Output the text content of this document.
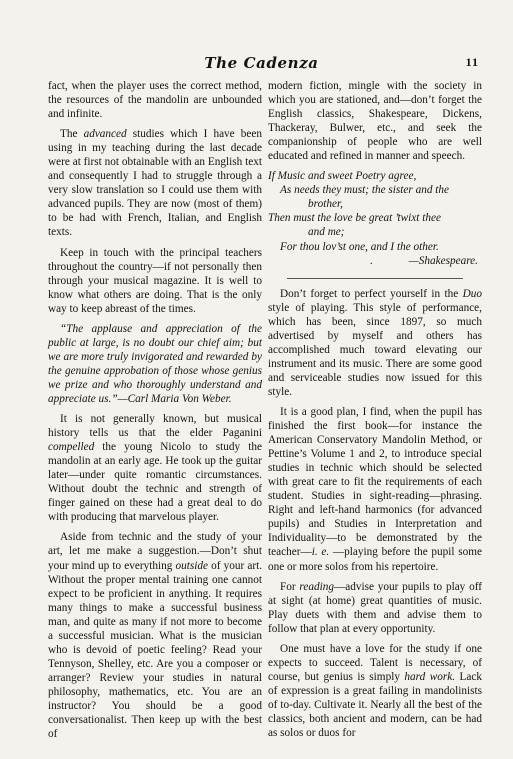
The Cadenza	11

fact, when the player uses the correct method, the resources of the mandolin are unbounded and infinite.

The advanced studies which I have been using in my teaching during the last decade were at first not obtainable with an English text and consequently I had to struggle through a very slow translation so I could use them with advanced pupils. They are now (most of them) to be had with French, Italian, and English texts.

Keep in touch with the principal teachers throughout the country—if not personally then through your musical magazine. It is well to know what others are doing. That is the only way to keep abreast of the times.

“The applause and appreciation of the public at large, is no doubt our chief aim; but we are more truly invigorated and rewarded by the genuine approbation of those whose genius we prize and who thoroughly understand and appreciate us.”—Carl Maria Von Weber.

It is not generally known, but musical history tells us that the elder Paganini compelled the young Nicolo to study the mandolin at an early age. He took up the guitar later—under quite romantic circumstances. Without doubt the technic and strength of finger gained on these had a great deal to do with producing that marvelous player.

Aside from technic and the study of your art, let me make a suggestion.—Don’t shut your mind up to everything outside of your art. Without the proper mental training one cannot expect to be proficient in anything. It requires many things to make a successful business man, and quite as many if not more to become a successful musician. What is the musician who is devoid of poetic feeling? Read your Tennyson, Shelley, etc. Are you a composer or arranger? Review your studies in natural philosophy, mathematics, etc. You are an instructor? You should be a good conversationalist. Then keep up with the best of

modern fiction, mingle with the society in which you are stationed, and—don’t forget the English classics, Shakespeare, Dickens, Thackeray, Bulwer, etc., and seek the companionship of people who are well educated and refined in manner and speech.

If Music and sweet Poetry agree,
As needs they must; the sister and the
brother,
Then must the love be great ’twixt thee
and me;
For thou lov’st one, and I the other.
.	—Shakespeare.

Don’t forget to perfect yourself in the Duo style of playing. This style of performance, which has been, since 1897, so much advertised by myself and others has accomplished much toward elevating our instrument and its music. There are some good and serviceable studies now issued for this style.

It is a good plan, I find, when the pupil has finished the first book—for instance the American Conservatory Mandolin Method, or Pettine’s Volume 1 and 2, to introduce special studies in technic which should be selected with great care to fit the requirements of each student. Studies in sight-reading—phrasing. Right and left-hand harmonics (for advanced pupils) and Studies in Interpretation and Individuality—to be demonstrated by the teacher—i. e. —playing before the pupil some one or more solos from his repertoire.

For reading—advise your pupils to play off at sight (at home) great quantities of music. Play duets with them and advise them to follow that plan at every opportunity.

One must have a love for the study if one expects to succeed. Talent is necessary, of course, but genius is simply hard work. Lack of expression is a great failing in mandolinists of to-day. Cultivate it. Nearly all the best of the classics, both ancient and modern, can be had as solos or duos for
